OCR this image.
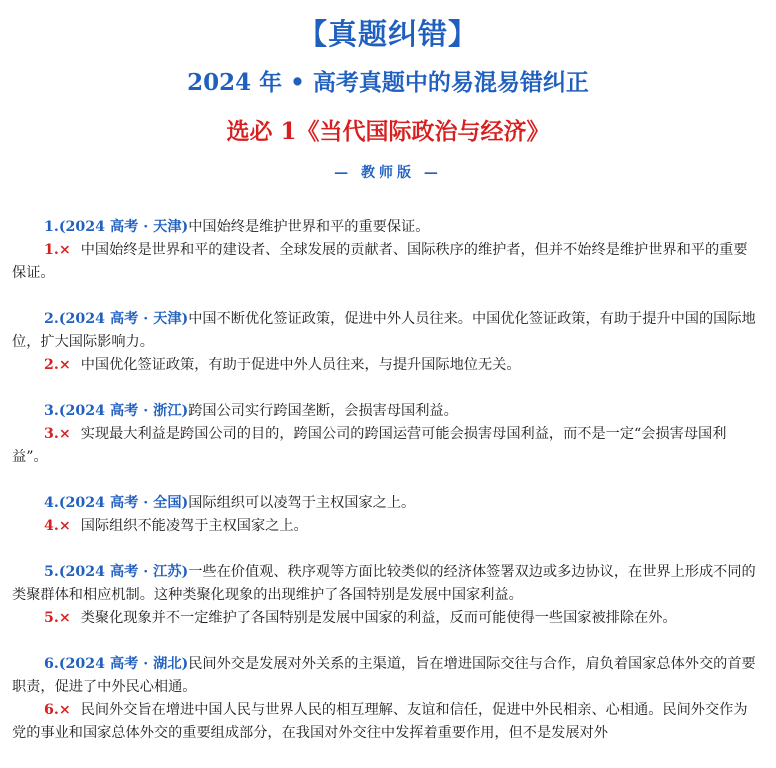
【真题纠错】
2024 年 • 高考真题中的易混易错纠正
选必 1《当代国际政治与经济》
— 教师版 —

1.(2024 高考 · 天津)中国始终是维护世界和平的重要保证。

1.× 中国始终是世界和平的建设者、全球发展的贡献者、国际秩序的维护者，但并不始终是维护世界和平的重要保证。

2.(2024 高考 · 天津)中国不断优化签证政策，促进中外人员往来。中国优化签证政策，有助于提升中国的国际地位，扩大国际影响力。

2.× 中国优化签证政策，有助于促进中外人员往来，与提升国际地位无关。

3.(2024 高考 · 浙江)跨国公司实行跨国垄断，会损害母国利益。

3.× 实现最大利益是跨国公司的目的，跨国公司的跨国运营可能会损害母国利益，而不是一定“会损害母国利益”。

4.(2024 高考 · 全国)国际组织可以凌驾于主权国家之上。

4.× 国际组织不能凌驾于主权国家之上。

5.(2024 高考 · 江苏)一些在价值观、秩序观等方面比较类似的经济体签署双边或多边协议，在世界上形成不同的类聚群体和相应机制。这种类聚化现象的出现维护了各国特别是发展中国家利益。

5.× 类聚化现象并不一定维护了各国特别是发展中国家的利益，反而可能使得一些国家被排除在外。

6.(2024 高考 · 湖北)民间外交是发展对外关系的主渠道，旨在增进国际交往与合作，肩负着国家总体外交的首要职责，促进了中外民心相通。

6.× 民间外交旨在增进中国人民与世界人民的相互理解、友谊和信任，促进中外民相亲、心相通。民间外交作为党的事业和国家总体外交的重要组成部分，在我国对外交往中发挥着重要作用，但不是发展对外
